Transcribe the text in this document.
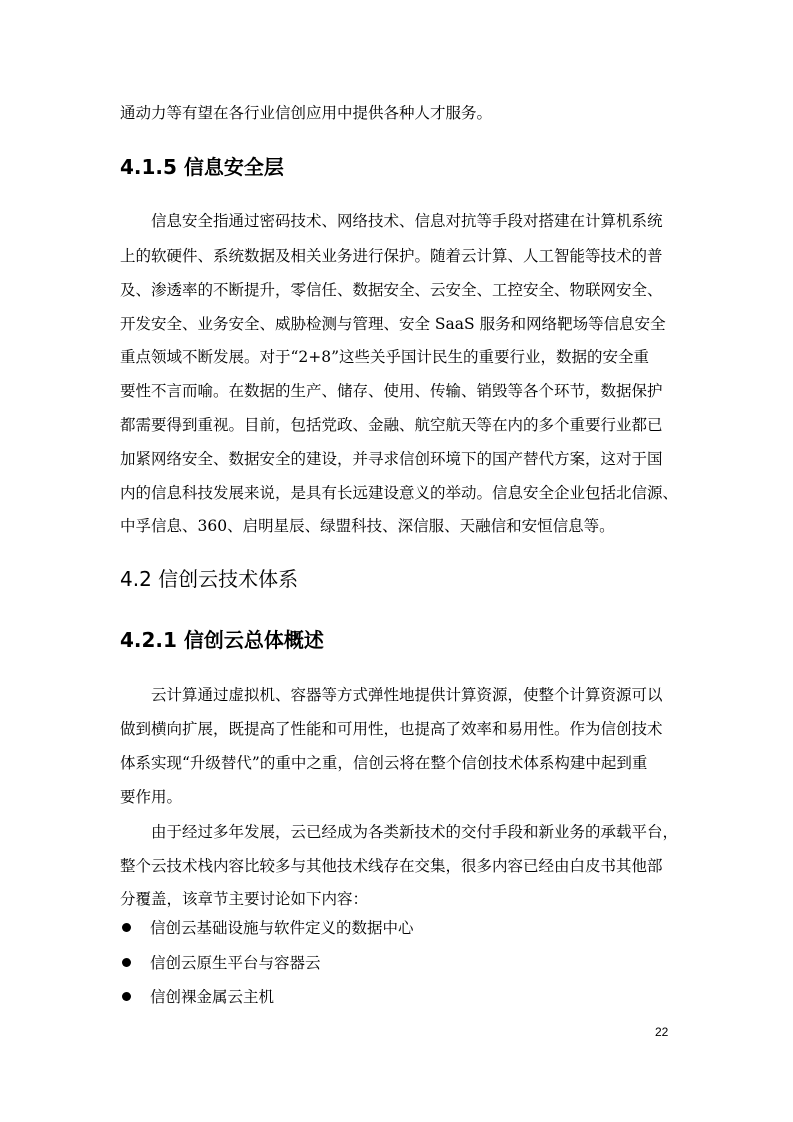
通动力等有望在各行业信创应用中提供各种人才服务。

4.1.5 信息安全层

信息安全指通过密码技术、网络技术、信息对抗等手段对搭建在计算机系统

上的软硬件、系统数据及相关业务进行保护。随着云计算、人工智能等技术的普

及、渗透率的不断提升，零信任、数据安全、云安全、工控安全、物联网安全、

开发安全、业务安全、威胁检测与管理、安全 SaaS 服务和网络靶场等信息安全

重点领域不断发展。对于“2+8”这些关乎国计民生的重要行业，数据的安全重

要性不言而喻。在数据的生产、储存、使用、传输、销毁等各个环节，数据保护

都需要得到重视。目前，包括党政、金融、航空航天等在内的多个重要行业都已

加紧网络安全、数据安全的建设，并寻求信创环境下的国产替代方案，这对于国

内的信息科技发展来说，是具有长远建设意义的举动。信息安全企业包括北信源、

中孚信息、360、启明星辰、绿盟科技、深信服、天融信和安恒信息等。

4.2 信创云技术体系
4.2.1 信创云总体概述

云计算通过虚拟机、容器等方式弹性地提供计算资源，使整个计算资源可以

做到横向扩展，既提高了性能和可用性，也提高了效率和易用性。作为信创技术

体系实现“升级替代”的重中之重，信创云将在整个信创技术体系构建中起到重

要作用。

由于经过多年发展，云已经成为各类新技术的交付手段和新业务的承载平台，

整个云技术栈内容比较多与其他技术线存在交集，很多内容已经由白皮书其他部

分覆盖，该章节主要讨论如下内容：

信创云基础设施与软件定义的数据中心
信创云原生平台与容器云
信创裸金属云主机
22
